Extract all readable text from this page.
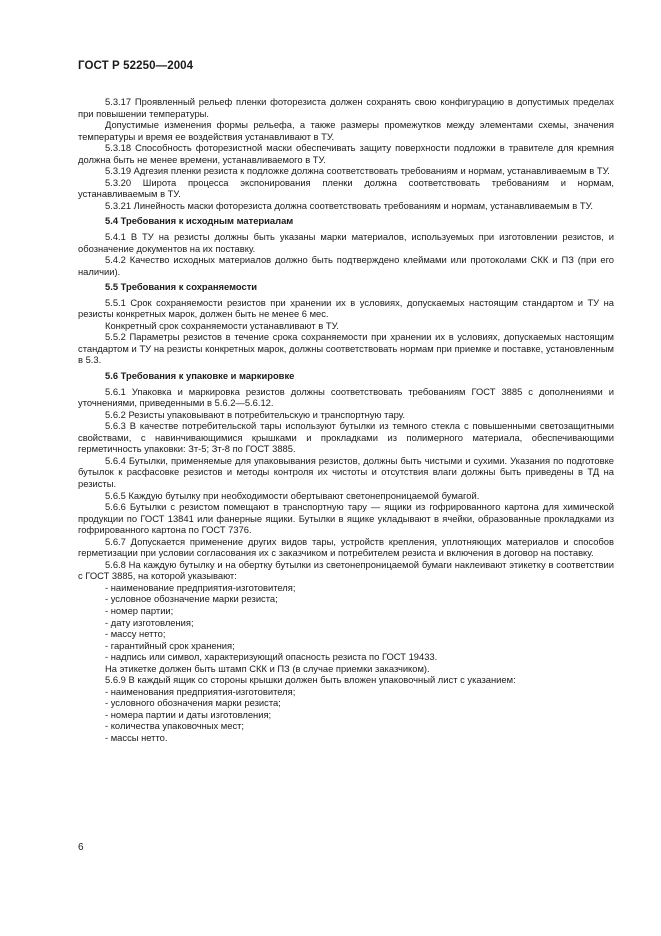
ГОСТ Р 52250—2004

5.3.17 Проявленный рельеф пленки фоторезиста должен сохранять свою конфигурацию в допустимых пределах при повышении температуры.

Допустимые изменения формы рельефа, а также размеры промежутков между элементами схемы, значения температуры и время ее воздействия устанавливают в ТУ.

5.3.18 Способность фоторезистной маски обеспечивать защиту поверхности подложки в травителе для кремния должна быть не менее времени, устанавливаемого в ТУ.

5.3.19 Адгезия пленки резиста к подложке должна соответствовать требованиям и нормам, устанавливаемым в ТУ.

5.3.20 Широта процесса экспонирования пленки должна соответствовать требованиям и нормам, устанавливаемым в ТУ.

5.3.21 Линейность маски фоторезиста должна соответствовать требованиям и нормам, устанавливаемым в ТУ.

5.4 Требования к исходным материалам

5.4.1 В ТУ на резисты должны быть указаны марки материалов, используемых при изготовлении резистов, и обозначение документов на их поставку.

5.4.2 Качество исходных материалов должно быть подтверждено клеймами или протоколами СКК и ПЗ (при его наличии).

5.5 Требования к сохраняемости

5.5.1 Срок сохраняемости резистов при хранении их в условиях, допускаемых настоящим стандартом и ТУ на резисты конкретных марок, должен быть не менее 6 мес.

Конкретный срок сохраняемости устанавливают в ТУ.

5.5.2 Параметры резистов в течение срока сохраняемости при хранении их в условиях, допускаемых настоящим стандартом и ТУ на резисты конкретных марок, должны соответствовать нормам при приемке и поставке, установленным в 5.3.

5.6 Требования к упаковке и маркировке

5.6.1 Упаковка и маркировка резистов должны соответствовать требованиям ГОСТ 3885 с дополнениями и уточнениями, приведенными в 5.6.2—5.6.12.

5.6.2 Резисты упаковывают в потребительскую и транспортную тару.

5.6.3 В качестве потребительской тары используют бутылки из темного стекла с повышенными светозащитными свойствами, с навинчивающимися крышками и прокладками из полимерного материала, обеспечивающими герметичность упаковки: Зт-5; Зт-8 по ГОСТ 3885.

5.6.4 Бутылки, применяемые для упаковывания резистов, должны быть чистыми и сухими. Указания по подготовке бутылок к расфасовке резистов и методы контроля их чистоты и отсутствия влаги должны быть приведены в ТД на резисты.

5.6.5 Каждую бутылку при необходимости обертывают светонепроницаемой бумагой.

5.6.6 Бутылки с резистом помещают в транспортную тару — ящики из гофрированного картона для химической продукции по ГОСТ 13841 или фанерные ящики. Бутылки в ящике укладывают в ячейки, образованные прокладками из гофрированного картона по ГОСТ 7376.

5.6.7 Допускается применение других видов тары, устройств крепления, уплотняющих материалов и способов герметизации при условии согласования их с заказчиком и потребителем резиста и включения в договор на поставку.

5.6.8 На каждую бутылку и на обертку бутылки из светонепроницаемой бумаги наклеивают этикетку в соответствии с ГОСТ 3885, на которой указывают:

- наименование предприятия-изготовителя;

- условное обозначение марки резиста;

- номер партии;

- дату изготовления;

- массу нетто;

- гарантийный срок хранения;

- надпись или символ, характеризующий опасность резиста по ГОСТ 19433.

На этикетке должен быть штамп СКК и ПЗ (в случае приемки заказчиком).

5.6.9 В каждый ящик со стороны крышки должен быть вложен упаковочный лист с указанием:

- наименования предприятия-изготовителя;

- условного обозначения марки резиста;

- номера партии и даты изготовления;

- количества упаковочных мест;

- массы нетто.

6
